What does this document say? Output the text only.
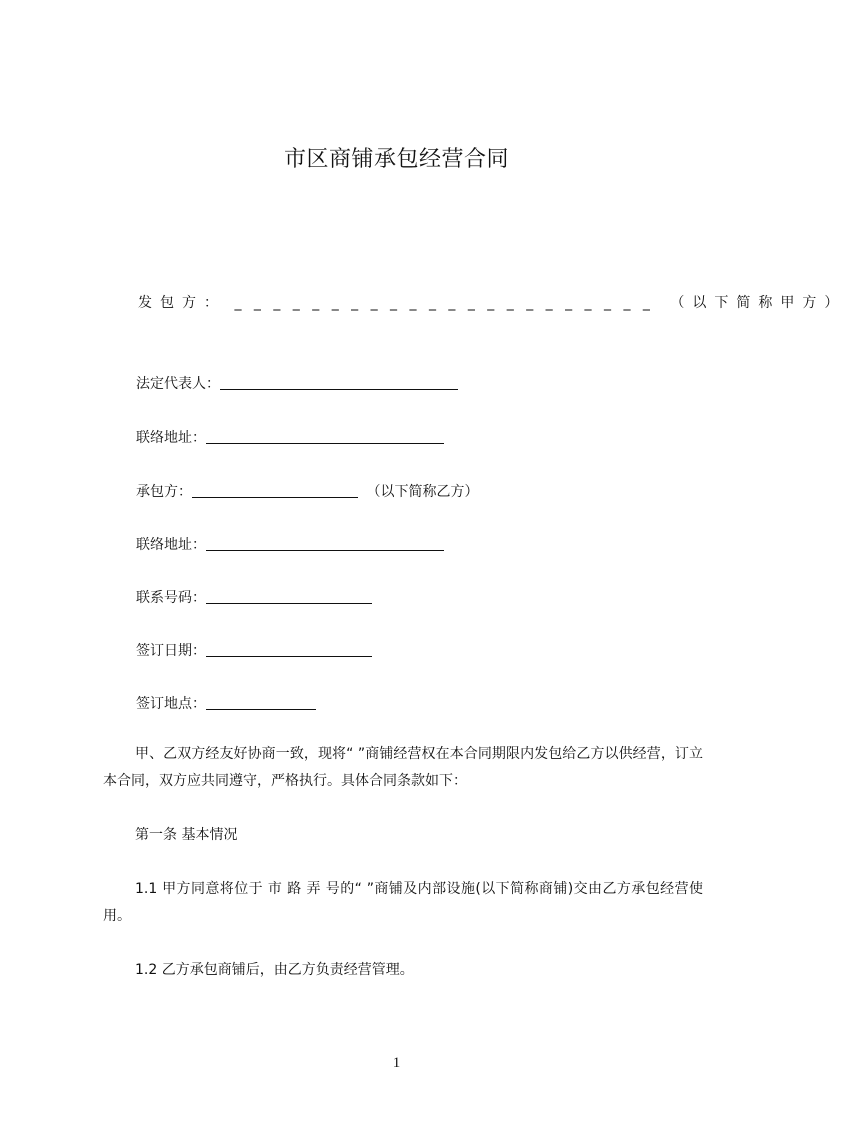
市区商铺承包经营合同
发包方： _ _ _ _ _ _ _ _ _ _ _ _ _ _ _ _ _ _ _ _ _ _ （以下简称甲方）
法定代表人：
联络地址：
承包方：	（以下简称乙方）
联络地址：
联系号码：
签订日期：
签订地点：
甲、乙双方经友好协商一致，现将“ ”商铺经营权在本合同期限内发包给乙方以供经营，订立本合同，双方应共同遵守，严格执行。具体合同条款如下：
第一条 基本情况
1.1 甲方同意将位于 市 路 弄 号的“ ”商铺及内部设施(以下简称商铺)交由乙方承包经营使用。
1.2 乙方承包商铺后，由乙方负责经营管理。
1
